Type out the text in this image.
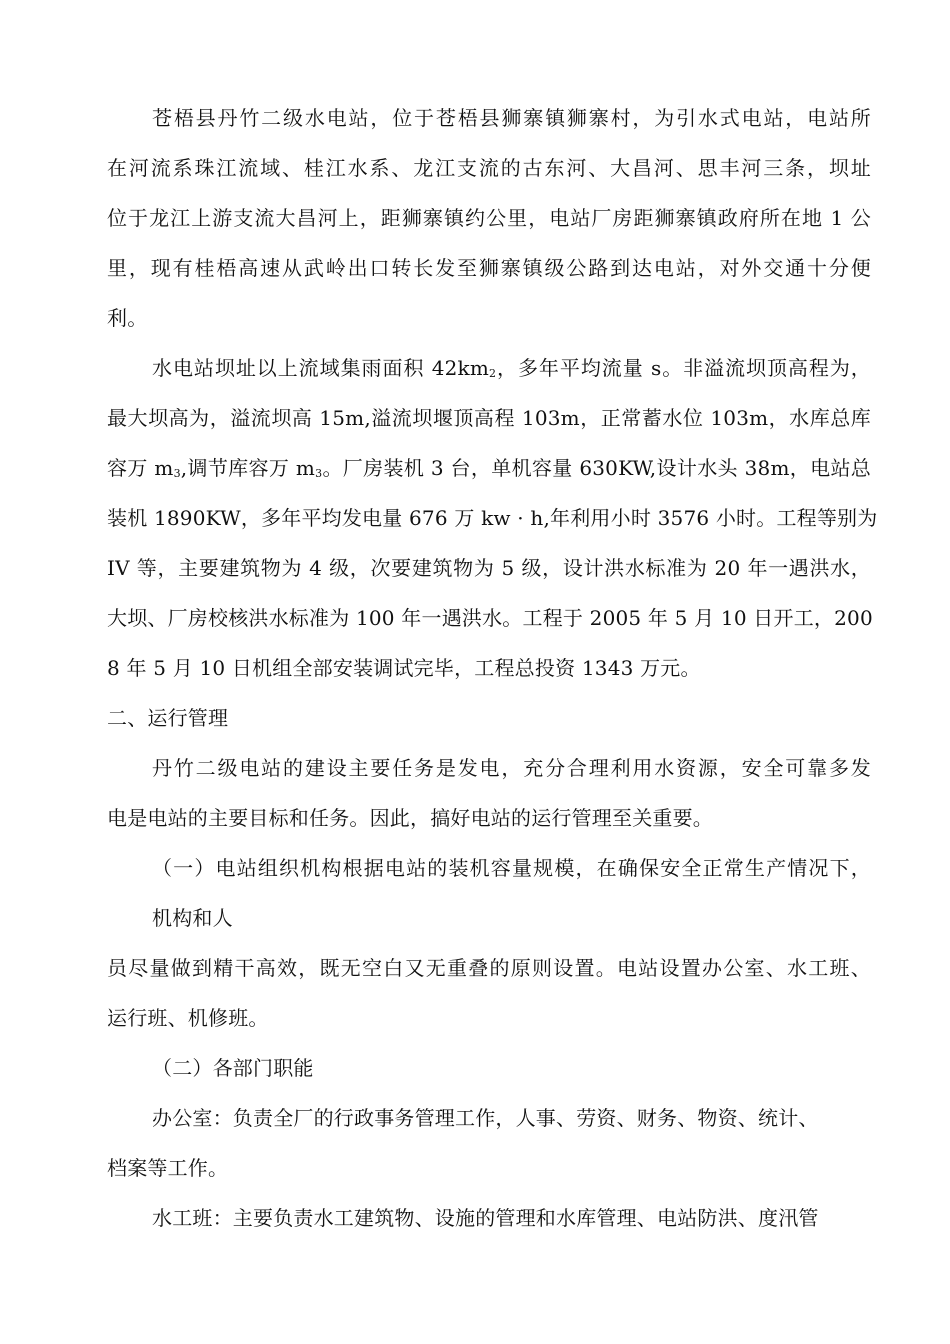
苍梧县丹竹二级水电站，位于苍梧县狮寨镇狮寨村，为引水式电站，电站所
在河流系珠江流域、桂江水系、龙江支流的古东河、大昌河、思丰河三条，坝址
位于龙江上游支流大昌河上，距狮寨镇约公里，电站厂房距狮寨镇政府所在地 1 公
里，现有桂梧高速从武岭出口转长发至狮寨镇级公路到达电站，对外交通十分便
利。
水电站坝址以上流域集雨面积 $42km_2$，多年平均流量 s。非溢流坝顶高程为，
最大坝高为，溢流坝高 15m,溢流坝堰顶高程 103m，正常蓄水位 103m，水库总库
容万 $m_3$,调节库容万 $m_3$。厂房装机 3 台，单机容量 630KW,设计水头 38m，电站总
装机 1890KW，多年平均发电量 676 万 kw · h,年利用小时 3576 小时。工程等别为
IV 等，主要建筑物为 4 级，次要建筑物为 5 级，设计洪水标准为 20 年一遇洪水，
大坝、厂房校核洪水标准为 100 年一遇洪水。工程于 2005 年 5 月 10 日开工，200
8 年 5 月 10 日机组全部安装调试完毕，工程总投资 1343 万元。
二、运行管理
丹竹二级电站的建设主要任务是发电，充分合理利用水资源，安全可靠多发
电是电站的主要目标和任务。因此，搞好电站的运行管理至关重要。
（一）电站组织机构根据电站的装机容量规模，在确保安全正常生产情况下，
机构和人
员尽量做到精干高效，既无空白又无重叠的原则设置。电站设置办公室、水工班、
运行班、机修班。
（二）各部门职能
办公室：负责全厂的行政事务管理工作，人事、劳资、财务、物资、统计、
档案等工作。
水工班：主要负责水工建筑物、设施的管理和水库管理、电站防洪、度汛管
